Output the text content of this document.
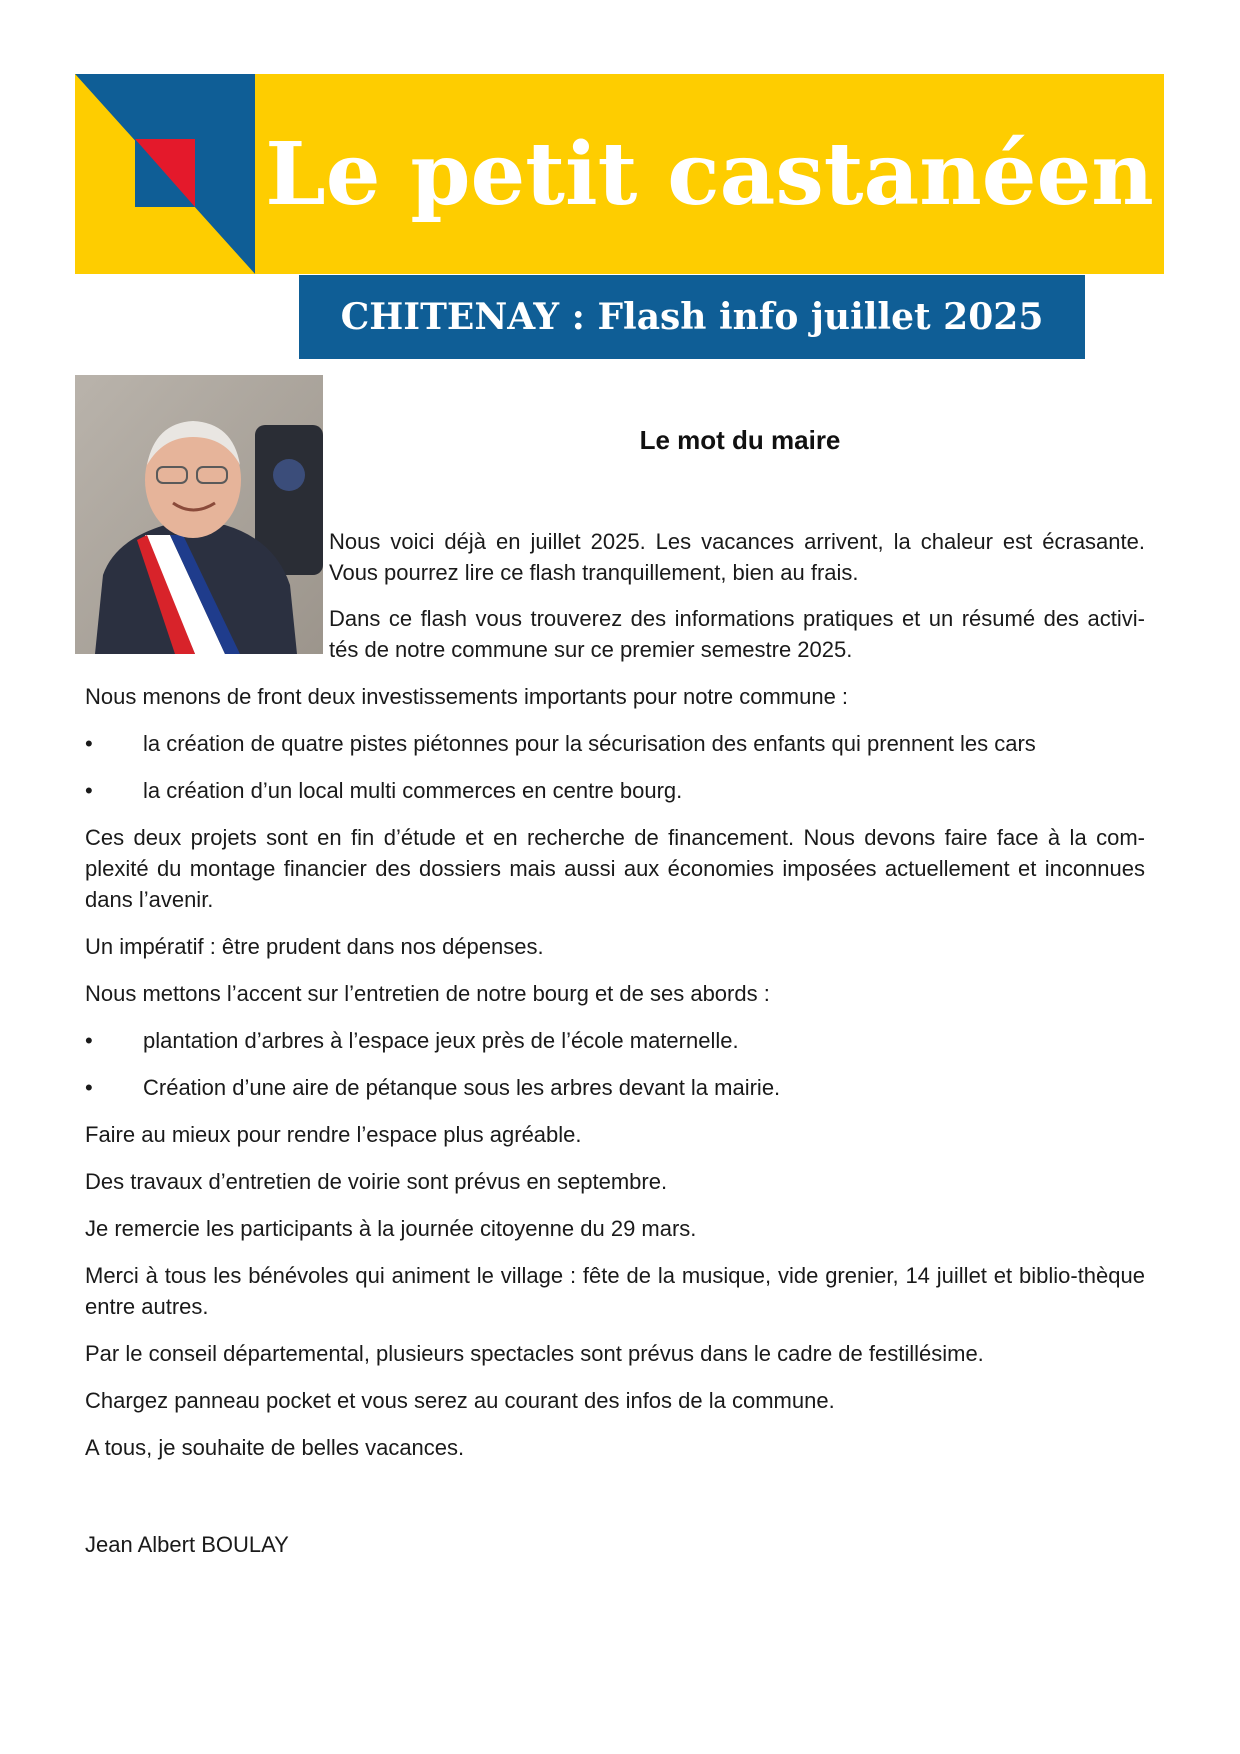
Le petit castanéen
CHITENAY : Flash info juillet 2025
Le mot du maire

Nous voici déjà en juillet 2025. Les vacances arrivent, la chaleur est écrasante. Vous pourrez lire ce flash tranquillement, bien au frais.

Dans ce flash vous trouverez des informations pratiques et un résumé des activi-tés de notre commune sur ce premier semestre 2025.

Nous menons de front deux investissements importants pour notre commune :

•	la création de quatre pistes piétonnes pour la sécurisation des enfants qui prennent les cars
•	la création d’un local multi commerces en centre bourg.

Ces deux projets sont en fin d’étude et en recherche de financement. Nous devons faire face à la com-plexité du montage financier des dossiers mais aussi aux économies imposées actuellement et inconnues dans l’avenir.

Un impératif : être prudent dans nos dépenses.

Nous mettons l’accent sur l’entretien de notre bourg et de ses abords :

•	plantation d’arbres à l’espace jeux près de l’école maternelle.
•	Création d’une aire de pétanque sous les arbres devant la mairie.

Faire au mieux pour rendre l’espace plus agréable.

Des travaux d’entretien de voirie sont prévus en septembre.

Je remercie les participants à la journée citoyenne du 29 mars.

Merci à tous les bénévoles qui animent le village : fête de la musique, vide grenier, 14 juillet et biblio-thèque entre autres.

Par le conseil départemental, plusieurs spectacles sont prévus dans le cadre de festillésime.

Chargez panneau pocket et vous serez au courant des infos de la commune.

A tous, je souhaite de belles vacances.

Jean Albert BOULAY
